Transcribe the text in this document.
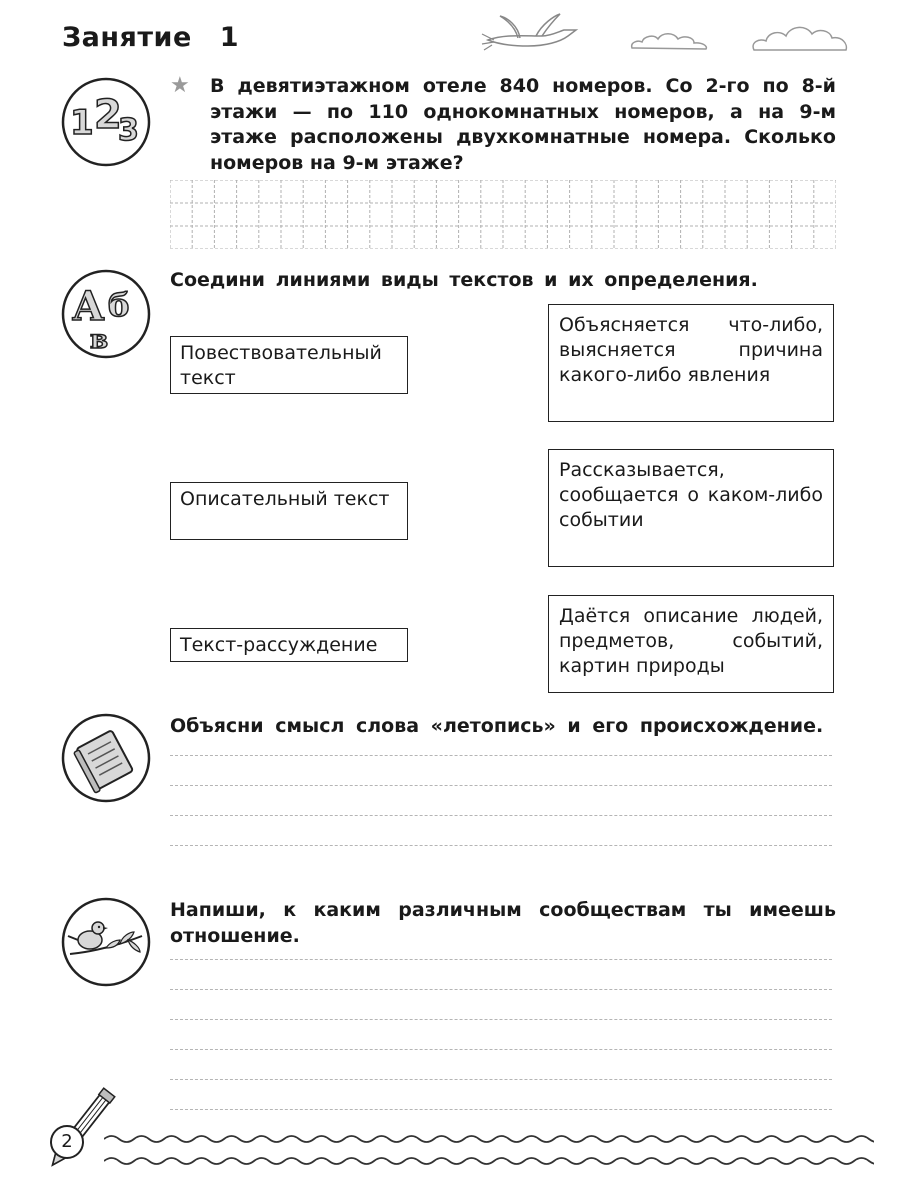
Занятие 1
1 2
3
★ В девятиэтажном отеле 840 номеров. Со 2-го по 8-й этажи — по 110 однокомнатных номеров, а на 9-м этаже расположены двухкомнатные номера. Сколько номеров на 9-м этаже?
А б
в
Соедини линиями виды текстов и их определения.
Повествовательный текст
Описательный текст
Текст-рассуждение
Объясняется что-либо, выясняется причина какого-либо явления
Рассказывается, сообщается о каком-либо событии
Даётся описание людей, предметов, событий, картин природы
Объясни смысл слова «летопись» и его происхождение.
Напиши, к каким различным сообществам ты имеешь отношение.
2
